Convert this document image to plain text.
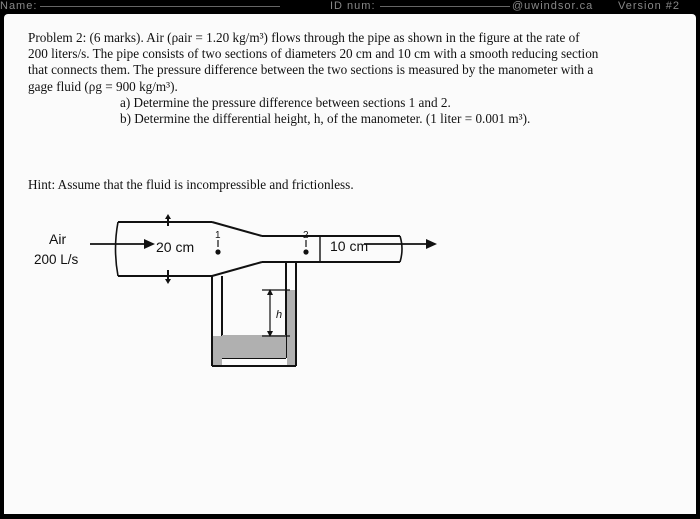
Name:	ID num:	@uwindsor.ca Version #2

Problem 2: (6 marks). Air (ρair = 1.20 kg/m³) flows through the pipe as shown in the figure at the rate of

200 liters/s. The pipe consists of two sections of diameters 20 cm and 10 cm with a smooth reducing section

that connects them. The pressure difference between the two sections is measured by the manometer with a

gage fluid (ρg = 900 kg/m³).

a) Determine the pressure difference between sections 1 and 2.

b) Determine the differential height, h, of the manometer. (1 liter = 0.001 m³).

Hint: Assume that the fluid is incompressible and frictionless.
Air
200 L/s
20 cm	10 cm
1	2
h
